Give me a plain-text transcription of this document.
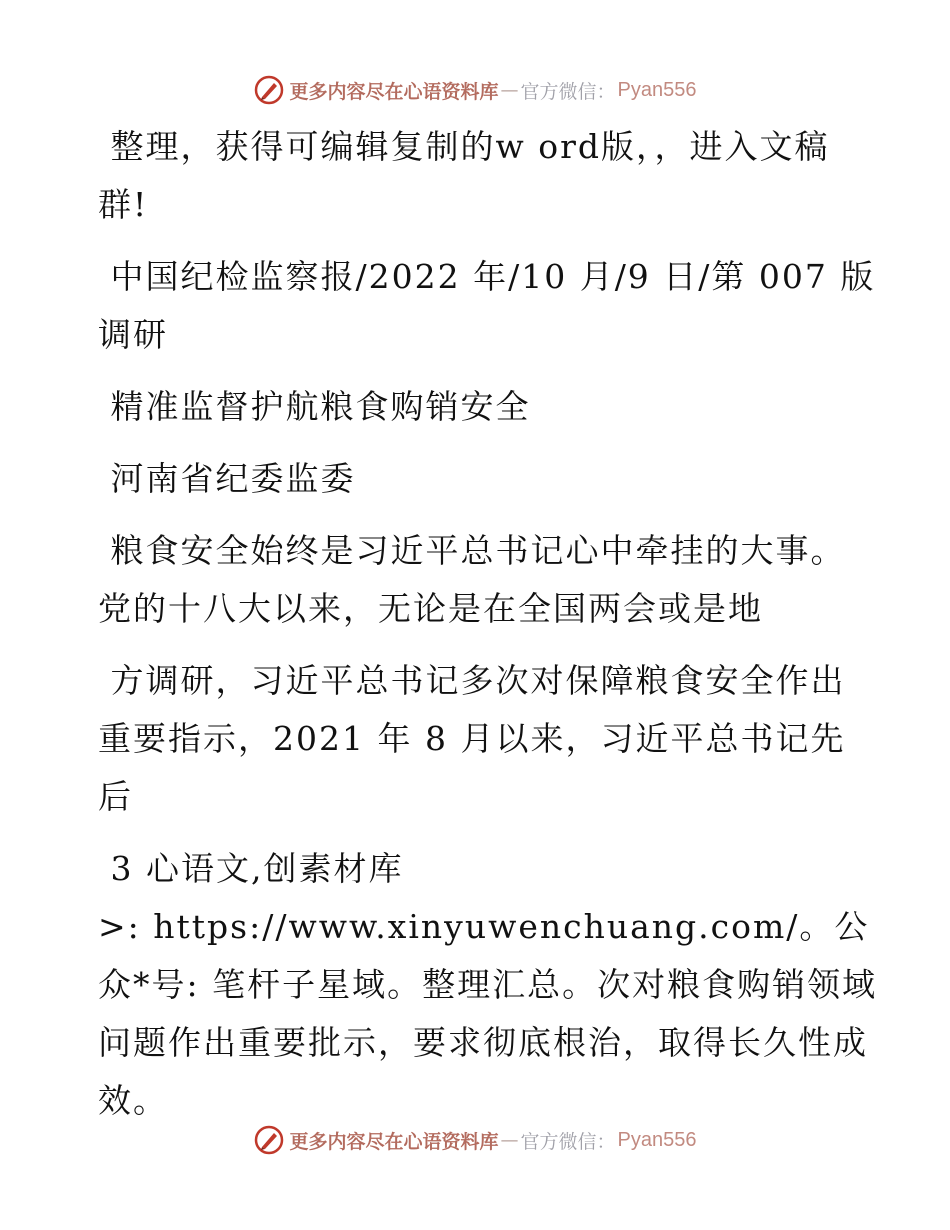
更多内容尽在心语资料库 — 官方微信： Pyan556

整理，获得可编辑复制的w ord版，，进入文稿群!

中国纪检监察报/2022 年/10 月/9 日/第 007 版调研

精准监督护航粮食购销安全

河南省纪委监委

粮食安全始终是习近平总书记心中牵挂的大事。党的十八大以来，无论是在全国两会或是地

方调研，习近平总书记多次对保障粮食安全作出重要指示，2021 年 8 月以来，习近平总书记先后

3 心语文,创素材库

>: https://www.xinyuwenchuang.com/。公众*号: 笔杆子星域。整理汇总。次对粮食购销领域问题作出重要批示，要求彻底根治，取得长久性成效。

更多内容尽在心语资料库 — 官方微信： Pyan556
